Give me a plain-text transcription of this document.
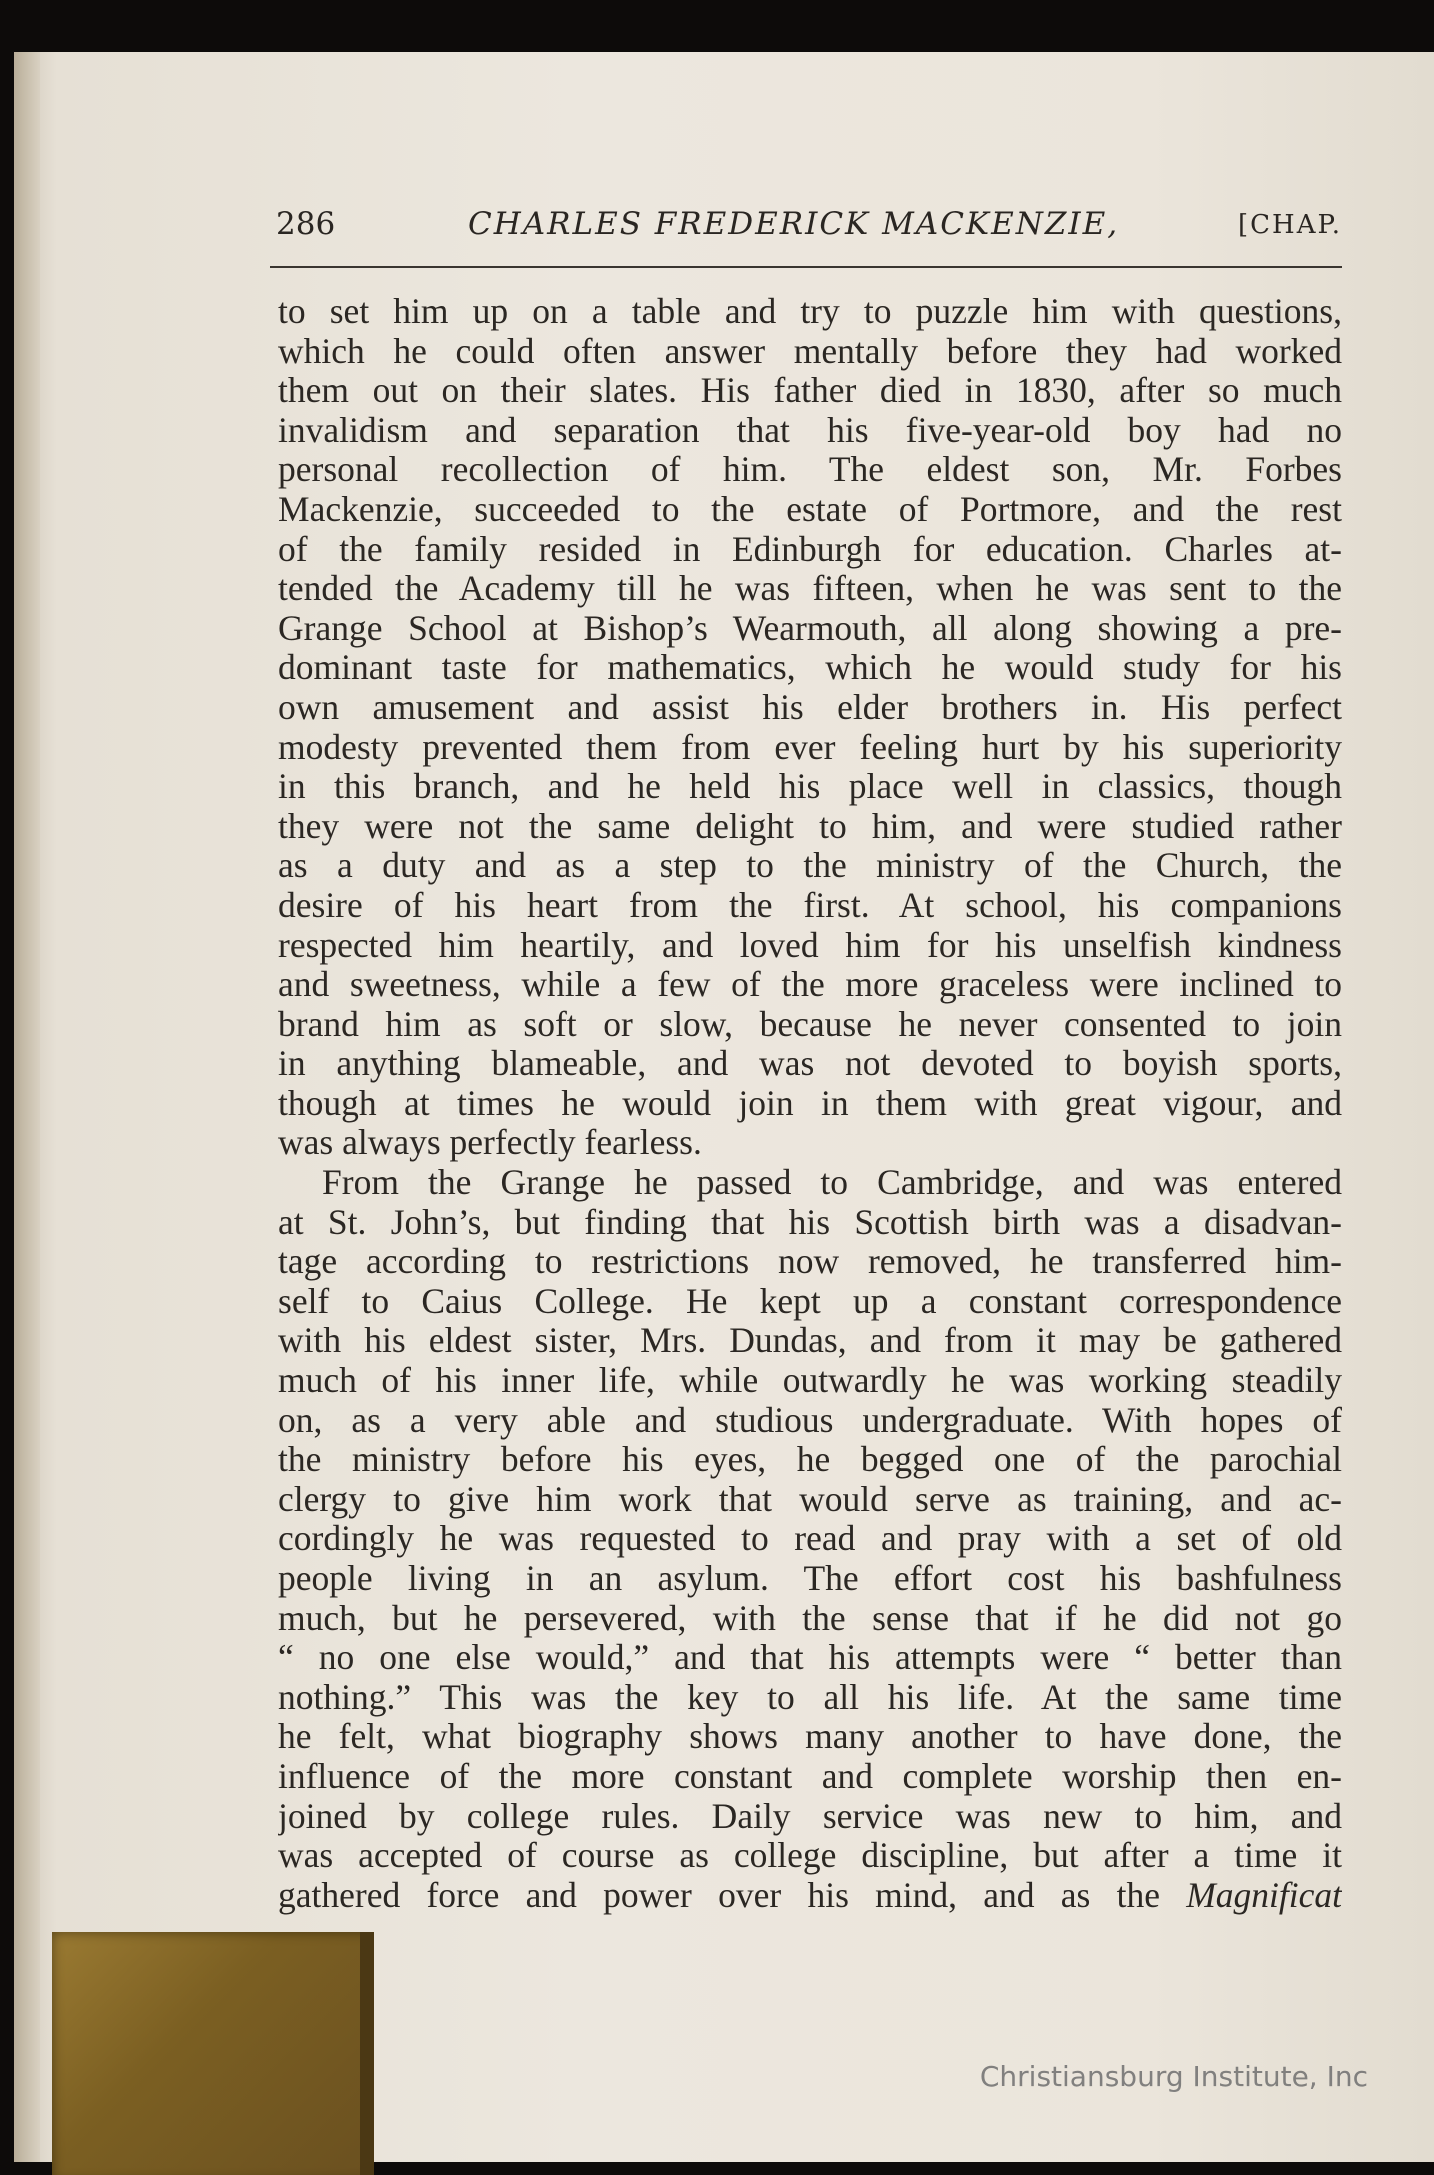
286	CHARLES FREDERICK MACKENZIE,	[CHAP.
to set him up on a table and try to puzzle him with questions,
which he could often answer mentally before they had worked
them out on their slates. His father died in 1830, after so much
invalidism and separation that his five-year-old boy had no
personal recollection of him. The eldest son, Mr. Forbes
Mackenzie, succeeded to the estate of Portmore, and the rest
of the family resided in Edinburgh for education. Charles at-
tended the Academy till he was fifteen, when he was sent to the
Grange School at Bishop’s Wearmouth, all along showing a pre-
dominant taste for mathematics, which he would study for his
own amusement and assist his elder brothers in. His perfect
modesty prevented them from ever feeling hurt by his superiority
in this branch, and he held his place well in classics, though
they were not the same delight to him, and were studied rather
as a duty and as a step to the ministry of the Church, the
desire of his heart from the first. At school, his companions
respected him heartily, and loved him for his unselfish kindness
and sweetness, while a few of the more graceless were inclined to
brand him as soft or slow, because he never consented to join
in anything blameable, and was not devoted to boyish sports,
though at times he would join in them with great vigour, and
was always perfectly fearless.
From the Grange he passed to Cambridge, and was entered
at St. John’s, but finding that his Scottish birth was a disadvan-
tage according to restrictions now removed, he transferred him-
self to Caius College. He kept up a constant correspondence
with his eldest sister, Mrs. Dundas, and from it may be gathered
much of his inner life, while outwardly he was working steadily
on, as a very able and studious undergraduate. With hopes of
the ministry before his eyes, he begged one of the parochial
clergy to give him work that would serve as training, and ac-
cordingly he was requested to read and pray with a set of old
people living in an asylum. The effort cost his bashfulness
much, but he persevered, with the sense that if he did not go
“ no one else would,” and that his attempts were “ better than
nothing.” This was the key to all his life. At the same time
he felt, what biography shows many another to have done, the
influence of the more constant and complete worship then en-
joined by college rules. Daily service was new to him, and
was accepted of course as college discipline, but after a time it
gathered force and power over his mind, and as the Magnificat
Christiansburg Institute, Inc
